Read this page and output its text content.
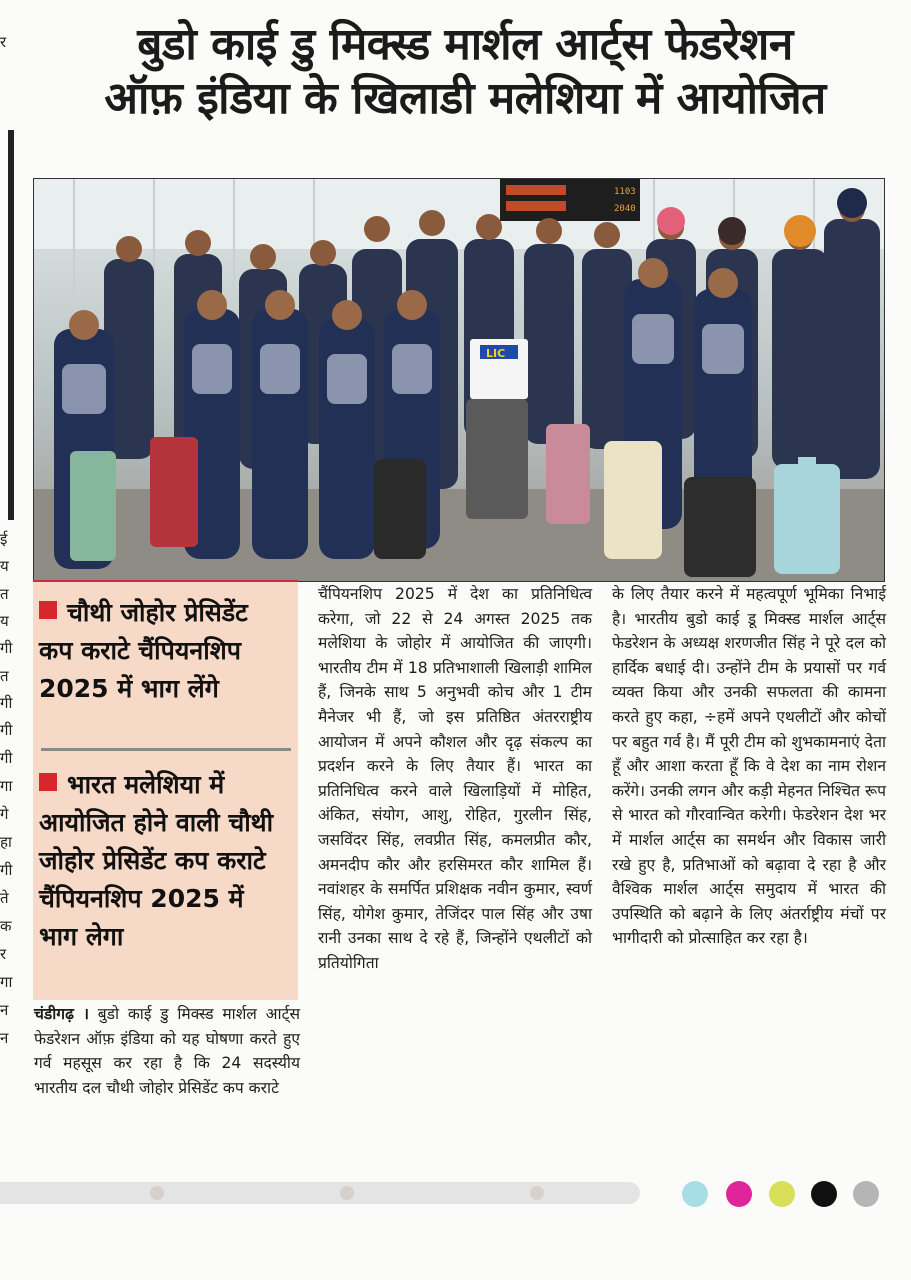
र
ई
य
त
य
गी
त
गी
गी
गी
गा
गे
हा
गी
ते
क
र
गा
न
न
बुडो काई डु मिक्स्ड मार्शल आर्ट्स फेडरेशन
ऑफ़ इंडिया के खिलाडी मलेशिया में आयोजित
1103
2040
LIC
चौथी जोहोर प्रेसिडेंट कप कराटे चैंपियनशिप 2025 में भाग लेंगे
भारत मलेशिया में आयोजित होने वाली चौथी जोहोर प्रेसिडेंट कप कराटे चैंपियनशिप 2025 में भाग लेगा

चंडीगढ़ । बुडो काई डु मिक्स्ड मार्शल आर्ट्स फेडरेशन ऑफ़ इंडिया को यह घोषणा करते हुए गर्व महसूस कर रहा है कि 24 सदस्यीय भारतीय दल चौथी जोहोर प्रेसिडेंट कप कराटे

चैंपियनशिप 2025 में देश का प्रतिनिधित्व करेगा, जो 22 से 24 अगस्त 2025 तक मलेशिया के जोहोर में आयोजित की जाएगी। भारतीय टीम में 18 प्रतिभाशाली खिलाड़ी शामिल हैं, जिनके साथ 5 अनुभवी कोच और 1 टीम मैनेजर भी हैं, जो इस प्रतिष्ठित अंतरराष्ट्रीय आयोजन में अपने कौशल और दृढ़ संकल्प का प्रदर्शन करने के लिए तैयार हैं। भारत का प्रतिनिधित्व करने वाले खिलाड़ियों में मोहित, अंकित, संयोग, आशु, रोहित, गुरलीन सिंह, जसविंदर सिंह, लवप्रीत सिंह, कमलप्रीत कौर, अमनदीप कौर और हरसिमरत कौर शामिल हैं। नवांशहर के समर्पित प्रशिक्षक नवीन कुमार, स्वर्ण सिंह, योगेश कुमार, तेजिंदर पाल सिंह और उषा रानी उनका साथ दे रहे हैं, जिन्होंने एथलीटों को प्रतियोगिता

के लिए तैयार करने में महत्वपूर्ण भूमिका निभाई है। भारतीय बुडो काई डू मिक्स्ड मार्शल आर्ट्स फेडरेशन के अध्यक्ष शरणजीत सिंह ने पूरे दल को हार्दिक बधाई दी। उन्होंने टीम के प्रयासों पर गर्व व्यक्त किया और उनकी सफलता की कामना करते हुए कहा, ÷हमें अपने एथलीटों और कोचों पर बहुत गर्व है। मैं पूरी टीम को शुभकामनाएं देता हूँ और आशा करता हूँ कि वे देश का नाम रोशन करेंगे। उनकी लगन और कड़ी मेहनत निश्चित रूप से भारत को गौरवान्वित करेगी। फेडरेशन देश भर में मार्शल आर्ट्स का समर्थन और विकास जारी रखे हुए है, प्रतिभाओं को बढ़ावा दे रहा है और वैश्विक मार्शल आर्ट्स समुदाय में भारत की उपस्थिति को बढ़ाने के लिए अंतर्राष्ट्रीय मंचों पर भागीदारी को प्रोत्साहित कर रहा है।
